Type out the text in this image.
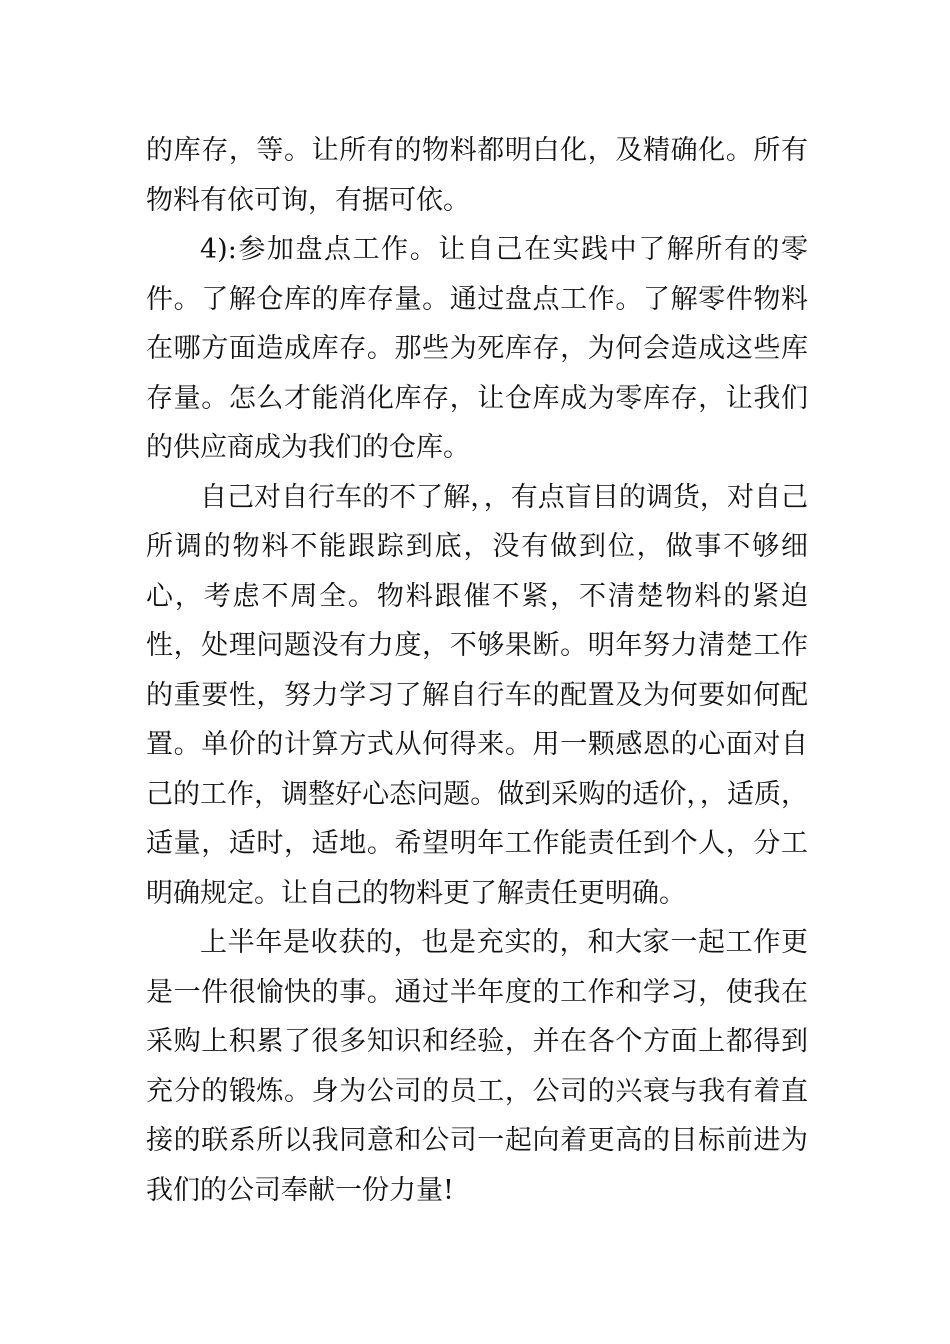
的库存，等。让所有的物料都明白化，及精确化。所有物料有依可询，有据可依。

4):参加盘点工作。让自己在实践中了解所有的零件。了解仓库的库存量。通过盘点工作。了解零件物料在哪方面造成库存。那些为死库存，为何会造成这些库存量。怎么才能消化库存，让仓库成为零库存，让我们的供应商成为我们的仓库。

自己对自行车的不了解，，有点盲目的调货，对自己所调的物料不能跟踪到底，没有做到位，做事不够细心，考虑不周全。物料跟催不紧，不清楚物料的紧迫性，处理问题没有力度，不够果断。明年努力清楚工作的重要性，努力学习了解自行车的配置及为何要如何配置。单价的计算方式从何得来。用一颗感恩的心面对自己的工作，调整好心态问题。做到采购的适价，，适质，适量，适时，适地。希望明年工作能责任到个人，分工明确规定。让自己的物料更了解责任更明确。

上半年是收获的，也是充实的，和大家一起工作更是一件很愉快的事。通过半年度的工作和学习，使我在采购上积累了很多知识和经验，并在各个方面上都得到充分的锻炼。身为公司的员工，公司的兴衰与我有着直接的联系所以我同意和公司一起向着更高的目标前进为我们的公司奉献一份力量!
